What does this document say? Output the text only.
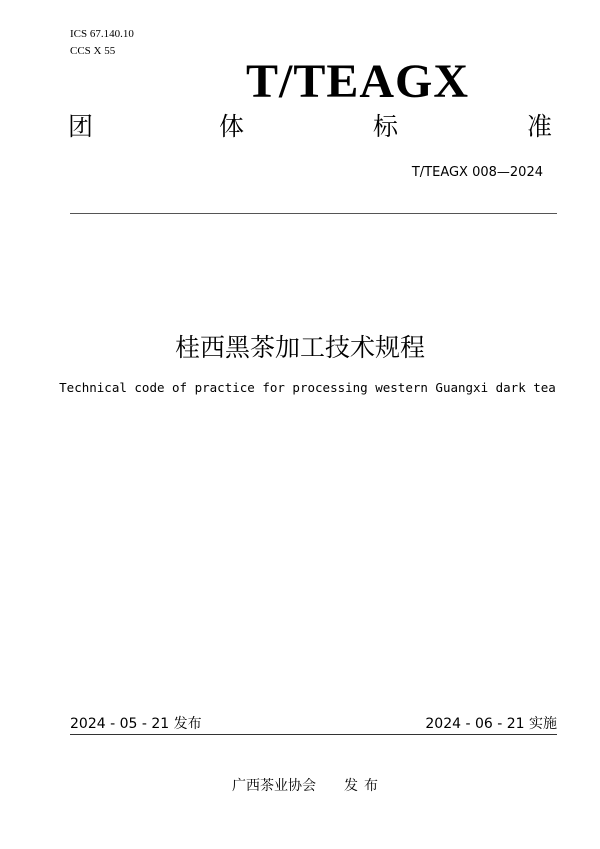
ICS 67.140.10
CCS X 55
T/TEAGX
团	体	标	准
T/TEAGX 008—2024
桂西黑茶加工技术规程
Technical code of practice for processing western Guangxi dark tea
2024 - 05 - 21 发布	2024 - 06 - 21 实施
广西茶业协会 发布
